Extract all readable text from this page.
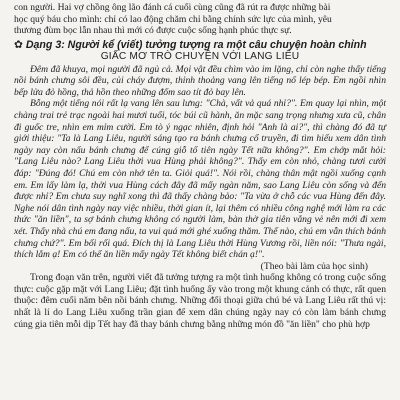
con người. Hai vợ chồng ông lão đánh cá cuối cùng cũng đã rút ra được những bài

học quý báu cho mình: chỉ có lao động chăm chỉ bằng chính sức lực của mình, yêu

thương đùm bọc lẫn nhau thì mới có được cuộc sống hạnh phúc thực sự.

✿ Dạng 3: Người kể (viết) tưởng tượng ra một câu chuyện hoàn chỉnh

GIẤC MƠ TRÒ CHUYỆN VỚI LANG LIÊU

Đêm đã khuya, mọi người đã ngủ cả. Mọi vật đều chìm vào im lặng, chỉ còn nghe thấy tiếng nồi bánh chưng sôi đều, củi cháy đượm, thỉnh thoảng vang lên tiếng nổ lép bép. Em ngồi nhìn bếp lửa đỏ hồng, thả hồn theo những đốm sao tít đỏ bay lên.

Bỗng một tiếng nói rất lạ vang lên sau lưng: "Chà, vất vả quá nhỉ?". Em quay lại nhìn, một chàng trai trẻ trạc ngoài hai mươi tuổi, tóc búi cũ hành, ăn mặc sang trọng nhưng xưa cũ, chân đi guốc tre, nhìn em mỉm cười. Em tò ý ngạc nhiên, định hỏi "Anh là ai?", thì chàng đó đã tự giới thiệu: "Ta là Lang Liêu, người sáng tạo ra bánh chưng cổ truyền, đi tìm hiểu xem dân tình ngày nay còn nấu bánh chưng để cúng giỗ tổ tiên ngày Tết nữa không?". Em chớp mắt hỏi: "Lang Liêu nào? Lang Liêu thời vua Hùng phải không?". Thấy em còn nhỏ, chàng tươi cười đáp: "Đúng đó! Chú em còn nhớ tên ta. Giỏi quá!". Nói rồi, chàng thân mật ngồi xuống cạnh em. Em lấy làm lạ, thời vua Hùng cách đây đã mấy ngàn năm, sao Lang Liêu còn sống và đến được nhỉ? Em chưa suy nghĩ xong thì đã thấy chàng bảo: "Ta vừa ở chỗ các vua Hùng đến đây. Nghe nói dân tình ngày nay việc nhiều, thời gian ít, lại thêm có nhiều công nghệ mới làm ra các thức "ăn liền", ta sợ bánh chưng không có người làm, bàn thờ gia tiên vắng vẻ nên mới đi xem xét. Thấy nhà chú em đang nấu, ta vui quá mới ghé xuống thăm. Thế nào, chú em vẫn thích bánh chưng chứ?". Em bối rối quá. Đích thị là Lang Liêu thời Hùng Vương rồi, liền nói: "Thưa ngài, thích lắm ạ! Em có thể ăn liền mấy ngày Tết không biết chán ạ!".

(Theo bài làm của học sinh)

Trong đoạn văn trên, người viết đã tưởng tượng ra một tình huống không có trong cuộc sống thực: cuộc gặp mặt với Lang Liêu; đặt tình huống ấy vào trong một khung cảnh có thực, rất quen thuộc: đêm cuối năm bên nồi bánh chưng. Những đối thoại giữa chú bé và Lang Liêu rất thú vị: nhất là lí do Lang Liêu xuống trần gian để xem dân chúng ngày nay có còn làm bánh chưng cúng gia tiên mỗi dịp Tết hay đã thay bánh chưng bằng những món đồ "ăn liền" cho phù hợp
